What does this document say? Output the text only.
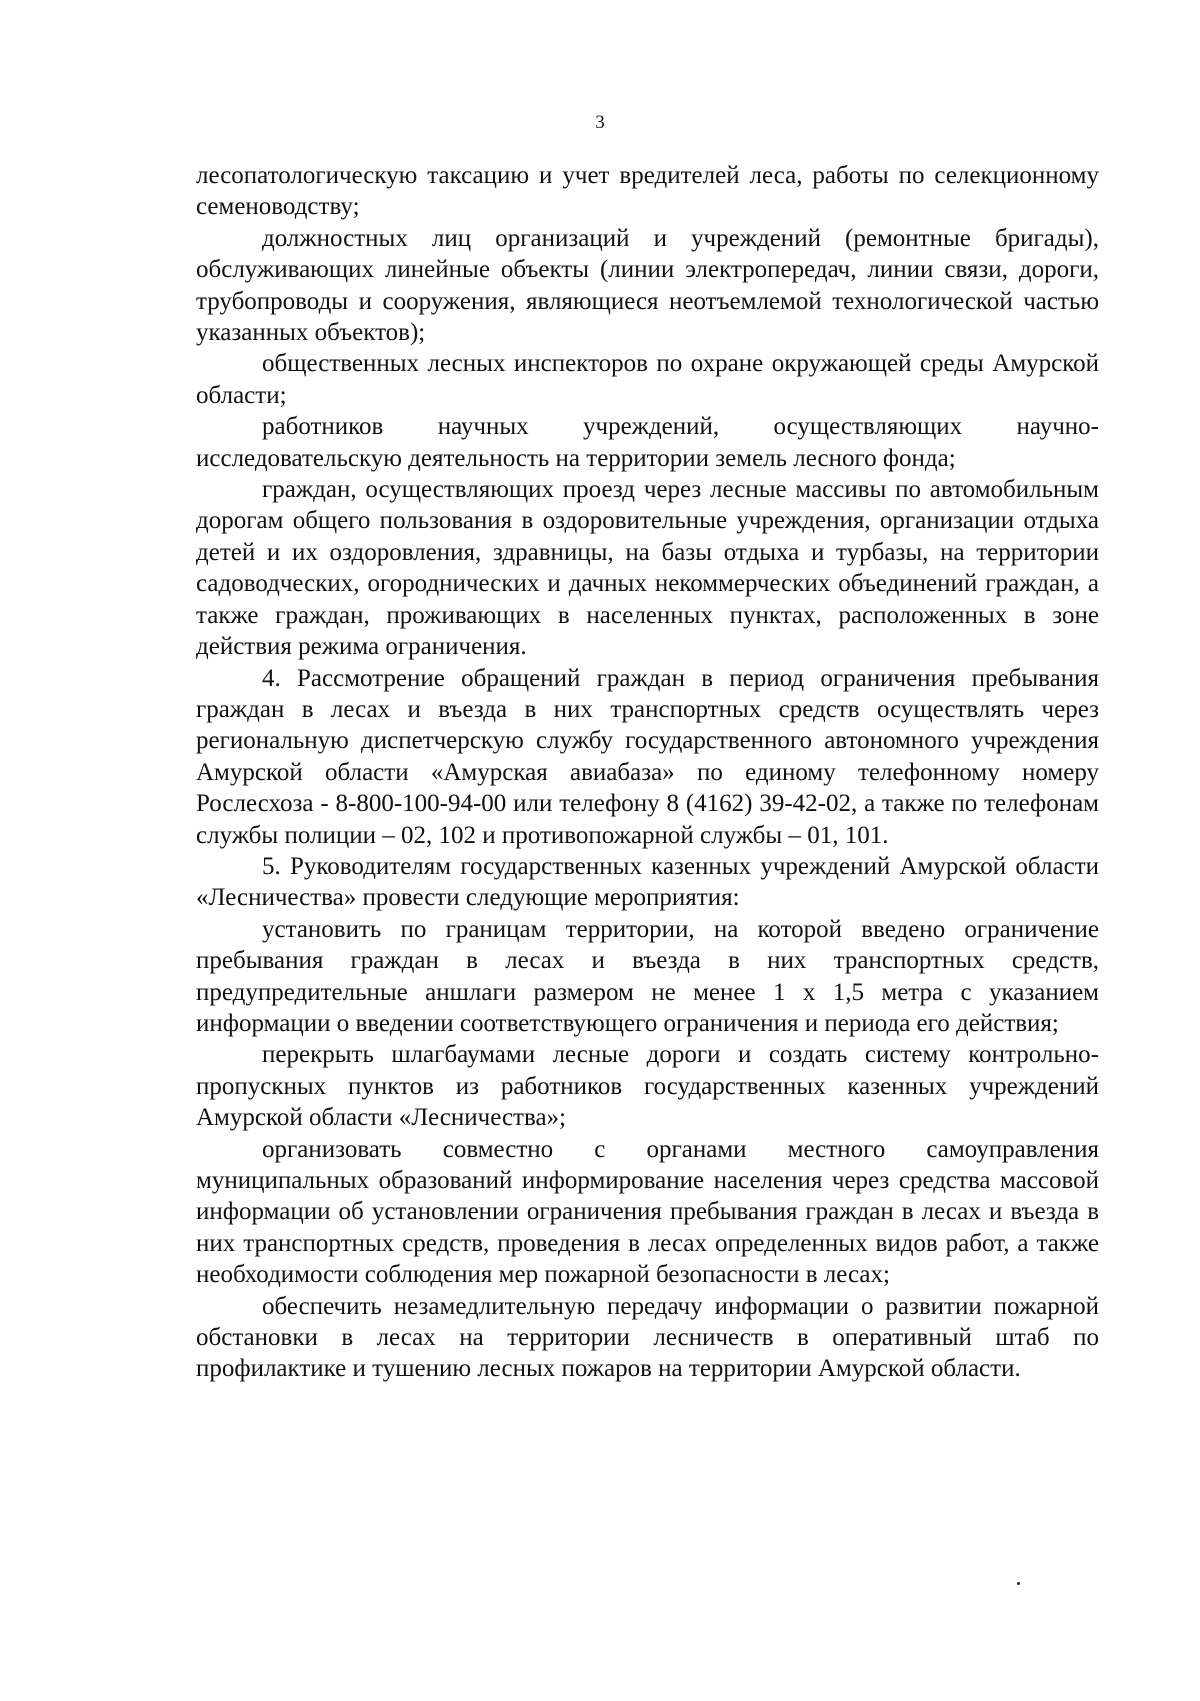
3

лесопатологическую таксацию и учет вредителей леса, работы по селекционному семеноводству;

должностных лиц организаций и учреждений (ремонтные бригады), обслуживающих линейные объекты (линии электропередач, линии связи, дороги, трубопроводы и сооружения, являющиеся неотъемлемой технологической частью указанных объектов);

общественных лесных инспекторов по охране окружающей среды Амурской области;

работников научных учреждений, осуществляющих научно-исследовательскую деятельность на территории земель лесного фонда;

граждан, осуществляющих проезд через лесные массивы по автомобильным дорогам общего пользования в оздоровительные учреждения, организации отдыха детей и их оздоровления, здравницы, на базы отдыха и турбазы, на территории садоводческих, огороднических и дачных некоммерческих объединений граждан, а также граждан, проживающих в населенных пунктах, расположенных в зоне действия режима ограничения.

4. Рассмотрение обращений граждан в период ограничения пребывания граждан в лесах и въезда в них транспортных средств осуществлять через региональную диспетчерскую службу государственного автономного учреждения Амурской области «Амурская авиабаза» по единому телефонному номеру Рослесхоза - 8-800-100-94-00 или телефону 8 (4162) 39-42-02, а также по телефонам службы полиции – 02, 102 и противопожарной службы – 01, 101.

5. Руководителям государственных казенных учреждений Амурской области «Лесничества» провести следующие мероприятия:

установить по границам территории, на которой введено ограничение пребывания граждан в лесах и въезда в них транспортных средств, предупредительные аншлаги размером не менее 1 х 1,5 метра с указанием информации о введении соответствующего ограничения и периода его действия;

перекрыть шлагбаумами лесные дороги и создать систему контрольно-пропускных пунктов из работников государственных казенных учреждений Амурской области «Лесничества»;

организовать совместно с органами местного самоуправления муниципальных образований информирование населения через средства массовой информации об установлении ограничения пребывания граждан в лесах и въезда в них транспортных средств, проведения в лесах определенных видов работ, а также необходимости соблюдения мер пожарной безопасности в лесах;

обеспечить незамедлительную передачу информации о развитии пожарной обстановки в лесах на территории лесничеств в оперативный штаб по профилактике и тушению лесных пожаров на территории Амурской области.
